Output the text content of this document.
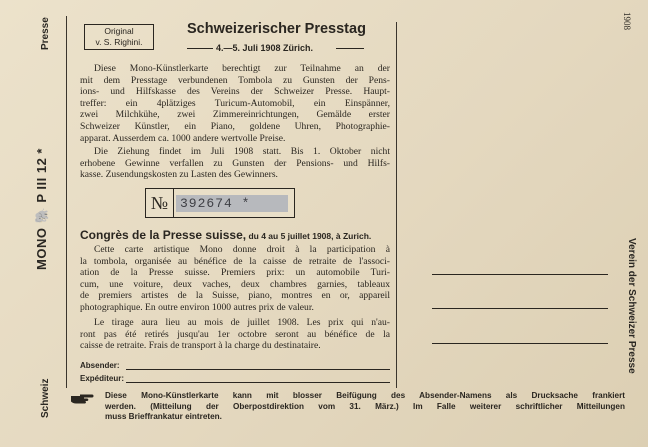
Presse
MONO 🐘 P III 12 *
Schweiz
1908
Verein der Schweizer Presse
Original
v. S. Righini.
Schweizerischer Presstag
4.—5. Juli 1908 Zürich.
Diese Mono-Künstlerkarte berechtigt zur Teilnahme an der
mit dem Presstage verbundenen Tombola zu Gunsten der Pens-
ions- und Hilfskasse des Vereins der Schweizer Presse. Haupt-
treffer: ein 4plätziges Turicum-Automobil, ein Einspänner,
zwei Milchkühe, zwei Zimmereinrichtungen, Gemälde erster
Schweizer Künstler, ein Piano, goldene Uhren, Photographie-
apparat. Ausserdem ca. 1000 andere wertvolle Preise.
Die Ziehung findet im Juli 1908 statt. Bis 1. Oktober nicht
erhobene Gewinne verfallen zu Gunsten der Pensions- und Hilfs-
kasse. Zusendungskosten zu Lasten des Gewinners.
№ 392674 *
Congrès de la Presse suisse, du 4 au 5 juillet 1908, à Zurich.
Cette carte artistique Mono donne droit à la participation à
la tombola, organisée au bénéfice de la caisse de retraite de l'associ-
ation de la Presse suisse. Premiers prix: un automobile Turi-
cum, une voiture, deux vaches, deux chambres garnies, tableaux
de premiers artistes de la Suisse, piano, montres en or, appareil
photographique. En outre environ 1000 autres prix de valeur.
Le tirage aura lieu au mois de juillet 1908. Les prix qui n'au-
ront pas été retirés jusqu'au 1er octobre seront au bénéfice de la
caisse de retraite. Frais de transport à la charge du destinataire.
Absender:
Expéditeur:
Diese Mono-Künstlerkarte kann mit blosser Beifügung des Absender-Namens als Drucksache frankiert
werden. (Mitteilung der Oberpostdirektion vom 31. März.) Im Falle weiterer schriftlicher Mitteilungen
muss Brieffrankatur eintreten.
